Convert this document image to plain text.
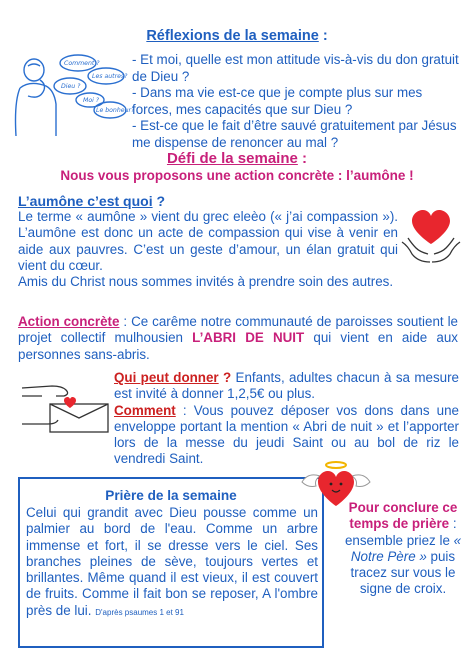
Réflexions de la semaine :
Comment ?
Les autres?
Dieu ?
Moi ?
Le bonheur?
- Et moi, quelle est mon attitude vis-à-vis du don gratuit de Dieu ?
- Dans ma vie est-ce que je compte plus sur mes forces, mes capacités que sur Dieu ?
- Est-ce que le fait d’être sauvé gratuitement par Jésus me dispense de renoncer au mal ?
Défi de la semaine :
Nous vous proposons une action concrète : l’aumône !
L’aumône c’est quoi ?
Le terme « aumône » vient du grec eleèo (« j’ai compassion »). L’aumône est donc un acte de compassion qui vise à venir en aide aux pauvres. C’est un geste d’amour, un élan gratuit qui vient du cœur.
Amis du Christ nous sommes invités à prendre soin des autres.
Action concrète : Ce carême notre communauté de paroisses soutient le projet collectif mulhousien L’ABRI DE NUIT qui vient en aide aux personnes sans-abris.
Qui peut donner ? Enfants, adultes chacun à sa mesure est invité à donner 1,2,5€ ou plus.
Comment : Vous pouvez déposer vos dons dans une enveloppe portant la mention « Abri de nuit » et l’apporter lors de la messe du jeudi Saint ou au bol de riz le vendredi Saint.
Prière de la semaine
Celui qui grandit avec Dieu pousse comme un palmier au bord de l'eau. Comme un arbre immense et fort, il se dresse vers le ciel. Ses branches pleines de sève, toujours vertes et brillantes. Même quand il est vieux, il est couvert de fruits. Comme il fait bon se reposer, A l'ombre près de lui. D'après psaumes 1 et 91
Pour conclure ce temps de prière : ensemble priez le « Notre Père » puis tracez sur vous le signe de croix.
